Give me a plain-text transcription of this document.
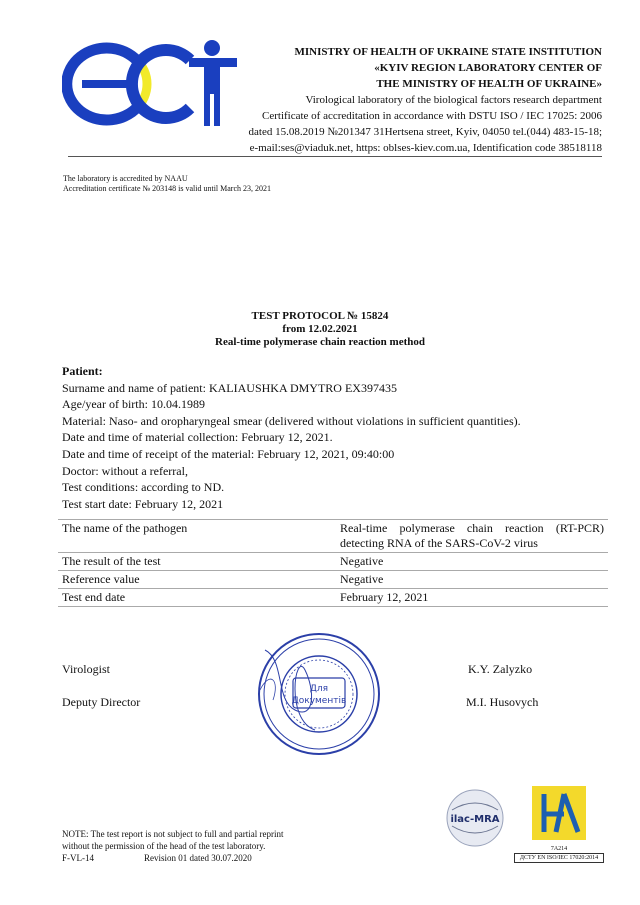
MINISTRY OF HEALTH OF UKRAINE STATE INSTITUTION
«KYIV REGION LABORATORY CENTER OF
THE MINISTRY OF HEALTH OF UKRAINE»
Virological laboratory of the biological factors research department
Certificate of accreditation in accordance with DSTU ISO / IEC 17025: 2006
dated 15.08.2019 №201347 31Hertsena street, Kyiv, 04050 tel.(044) 483-15-18;
e-mail:ses@viaduk.net, https: oblses-kiev.com.ua, Identification code 38518118
The laboratory is accredited by NAAU
Accreditation certificate № 203148 is valid until March 23, 2021
TEST PROTOCOL № 15824
from 12.02.2021
Real-time polymerase chain reaction method
Patient:
Surname and name of patient: KALIAUSHKA DMYTRO EX397435
Age/year of birth: 10.04.1989
Material: Naso- and oropharyngeal smear (delivered without violations in sufficient quantities).
Date and time of material collection: February 12, 2021.
Date and time of receipt of the material: February 12, 2021, 09:40:00
Doctor: without a referral,
Test conditions: according to ND.
Test start date: February 12, 2021
The name of the pathogen	Real-time polymerase chain reaction (RT-PCR) detecting RNA of the SARS-CoV-2 virus
The result of the test	Negative
Reference value	Negative
Test end date	February 12, 2021
Virologist	K.Y. Zalyzko
Deputy Director	M.I. Husovych
Для
Документів
ilac-MRA
7А214
ДСТУ EN ISO/IEC 17020:2014
NOTE: The test report is not subject to full and partial reprint
without the permission of the head of the test laboratory.
F-VL-14	Revision 01 dated 30.07.2020
